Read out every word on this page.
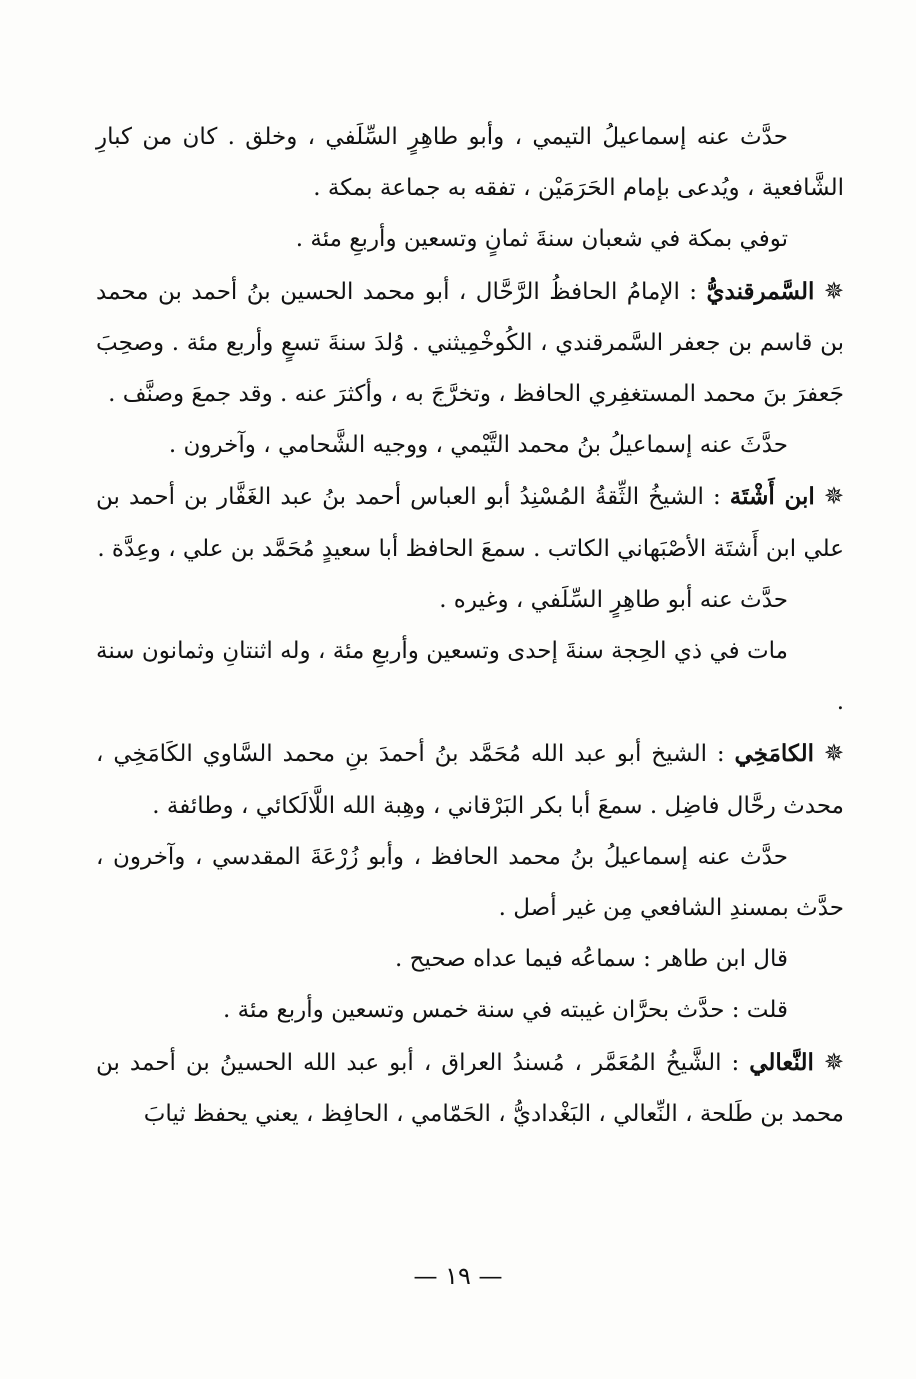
حدَّث عنه إسماعيلُ التيمي ، وأبو طاهِرٍ السِّلَفي ، وخلق . كان من كبارِ الشَّافعية ، ويُدعى بإمام الحَرَمَيْن ، تفقه به جماعة بمكة .

توفي بمكة في شعبان سنةَ ثمانٍ وتسعين وأربعِ مئة .

✵ السَّمرقنديُّ : الإمامُ الحافظُ الرَّحَّال ، أبو محمد الحسين بنُ أحمد بن محمد بن قاسم بن جعفر السَّمرقندي ، الكُوخْمِيثني . وُلدَ سنةَ تسعٍ وأربع مئة . وصحِبَ جَعفرَ بنَ محمد المستغفِري الحافظ ، وتخرَّجَ به ، وأكثرَ عنه . وقد جمعَ وصنَّف .

حدَّثَ عنه إسماعيلُ بنُ محمد التَّيْمي ، ووجيه الشَّحامي ، وآخرون .

✵ ابن أَشْتَة : الشيخُ الثِّقةُ المُسْنِدُ أبو العباس أحمد بنُ عبد الغَفَّار بن أحمد بن علي ابن أَشتَة الأصْبَهاني الكاتب . سمعَ الحافظ أبا سعيدٍ مُحَمَّد بن علي ، وعِدَّة .

حدَّث عنه أبو طاهِرٍ السِّلَفي ، وغيره .

مات في ذي الحِجة سنةَ إحدى وتسعين وأربعِ مئة ، وله اثنتانِ وثمانون سنة .

✵ الكامَخِي : الشيخ أبو عبد الله مُحَمَّد بنُ أحمدَ بنِ محمد السَّاوي الكَامَخِي ، محدث رحَّال فاضِل . سمعَ أبا بكر البَرْقاني ، وهِبة الله اللَّالَكائي ، وطائفة .

حدَّث عنه إسماعيلُ بنُ محمد الحافظ ، وأبو زُرْعَةَ المقدسي ، وآخرون ، حدَّث بمسندِ الشافعي مِن غير أصل .

قال ابن طاهر : سماعُه فيما عداه صحيح .

قلت : حدَّث بحرَّان غيبته في سنة خمس وتسعين وأربع مئة .

✵ النَّعالي : الشَّيخُ المُعَمَّر ، مُسندُ العراق ، أبو عبد الله الحسينُ بن أحمد بن محمد بن طَلحة ، النِّعالي ، البَغْداديُّ ، الحَمّامي ، الحافِظ ، يعني يحفظ ثيابَ

— ١٩ —
